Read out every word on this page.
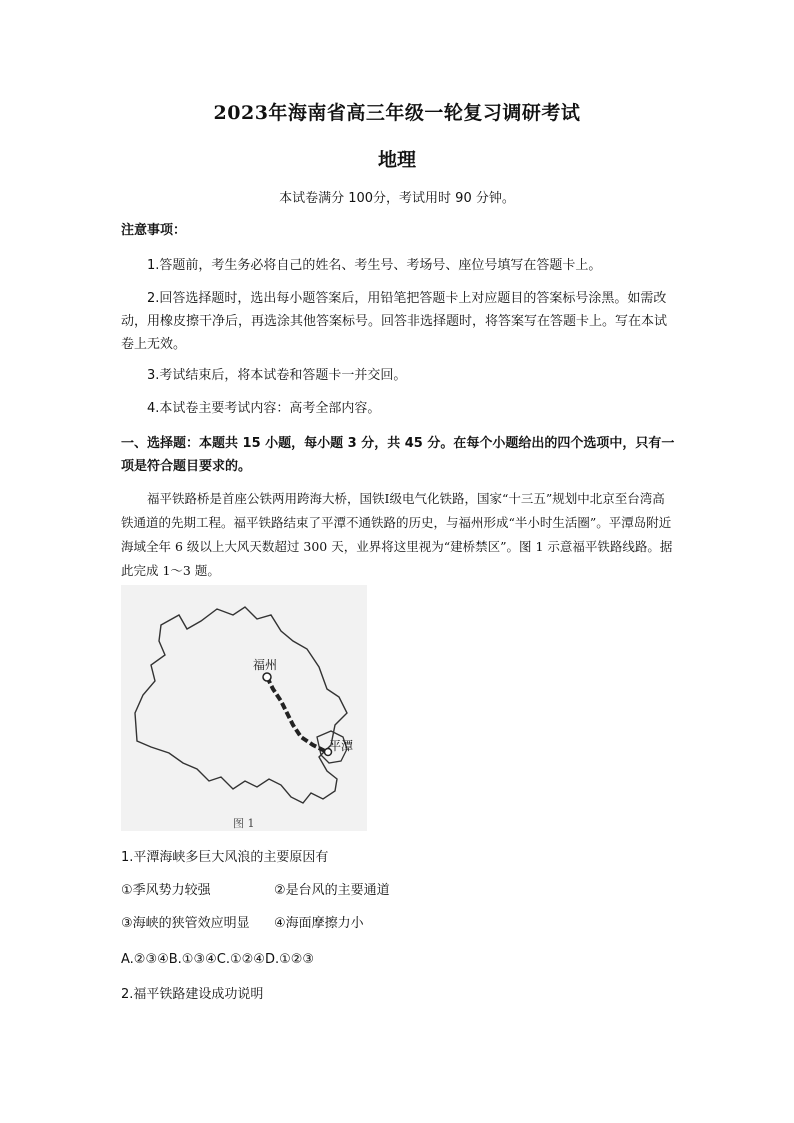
2023年海南省高三年级一轮复习调研考试
地理
本试卷满分 100分，考试用时 90 分钟。
注意事项：
1.答题前，考生务必将自己的姓名、考生号、考场号、座位号填写在答题卡上。
2.回答选择题时，选出每小题答案后，用铅笔把答题卡上对应题目的答案标号涂黑。如需改动，用橡皮擦干净后，再选涂其他答案标号。回答非选择题时，将答案写在答题卡上。写在本试卷上无效。
3.考试结束后，将本试卷和答题卡一并交回。
4.本试卷主要考试内容：高考全部内容。
一、选择题：本题共 15 小题，每小题 3 分，共 45 分。在每个小题给出的四个选项中，只有一项是符合题目要求的。
福平铁路桥是首座公铁两用跨海大桥，国铁Ⅰ级电气化铁路，国家“十三五”规划中北京至台湾高铁通道的先期工程。福平铁路结束了平潭不通铁路的历史，与福州形成“半小时生活圈”。平潭岛附近海域全年 6 级以上大风天数超过 300 天，业界将这里视为“建桥禁区”。图 1 示意福平铁路线路。据此完成 1～3 题。
福州
平潭
图 1
1.平潭海峡多巨大风浪的主要原因有
①季风势力较强	②是台风的主要通道
③海峡的狭管效应明显	④海面摩擦力小
A.②③④B.①③④C.①②④D.①②③
2.福平铁路建设成功说明
